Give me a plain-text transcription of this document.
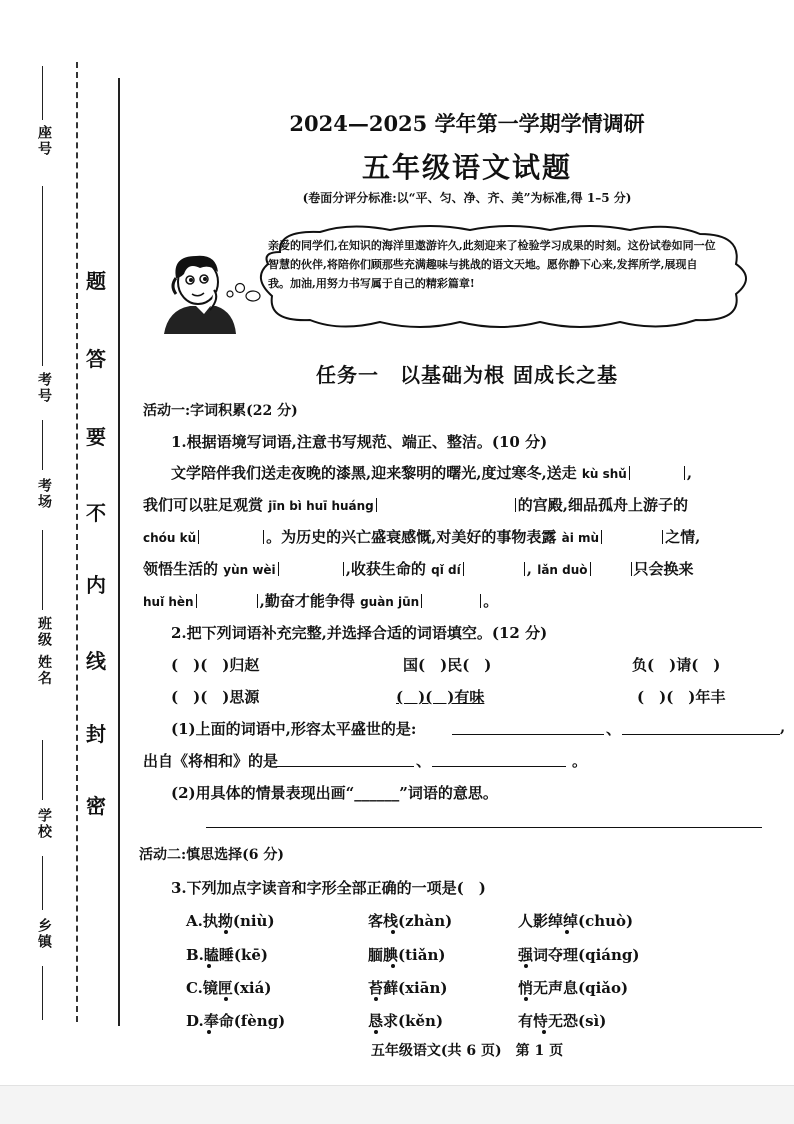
座号
考号
考场
班级 姓名
学校
乡镇
题
答
要
不
内
线
封
密
2024—2025 学年第一学期学情调研
五年级语文试题
(卷面分评分标准:以“平、匀、净、齐、美”为标准,得 1–5 分)
亲爱的同学们,在知识的海洋里遨游许久,此刻迎来了检验学习成果的时刻。这份试卷如同一位智慧的伙伴,将陪你们顾那些充满趣味与挑战的语文天地。愿你静下心来,发挥所学,展现自我。加油,用努力书写属于自己的精彩篇章!
任务一　以基础为根 固成长之基
活动一:字词积累(22 分)
1.根据语境写词语,注意书写规范、端正、整洁。(10 分)
文学陪伴我们送走夜晚的漆黑,迎来黎明的曙光,度过寒冬,送走 kù shǔ	,
我们可以驻足观赏 jīn bì huī huáng	的宫殿,细品孤舟上游子的
chóu kǔ	。为历史的兴亡盛衰感慨,对美好的事物表露 ài mù	之情,
领悟生活的 yùn wèi	,收获生命的 qǐ dí	, lǎn duò	只会换来
huǐ hèn	,勤奋才能争得 guàn jūn	。
2.把下列词语补充完整,并选择合适的词语填空。(12 分)
(　)(　)归赵	国(　)民(　)	负(　)请(　)
(　)(　)思源	(　)(　)有味	(　)(　)年丰
(1)上面的词语中,形容太平盛世的是:	、	,
出自《将相和》的是	、	。
(2)用具体的情景表现出画“______”词语的意思。
活动二:慎思选择(6 分)
3.下列加点字读音和字形全部正确的一项是(　)
A.执拗(niù)	客栈(zhàn)	人影绰绰(chuò)
B.瞌睡(kē)	腼腆(tiǎn)	强词夺理(qiáng)
C.镜匣(xiá)	苔藓(xiān)	悄无声息(qiǎo)
D.奉命(fèng)	恳求(kěn)	有恃无恐(sì)
五年级语文(共 6 页)　第 1 页
